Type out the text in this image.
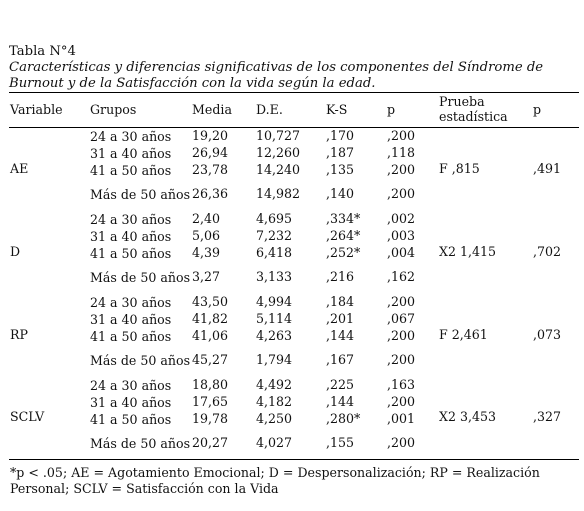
Tabla N°4
Características y diferencias significativas de los componentes del Síndrome de Burnout y de la Satisfacción con la vida según la edad.

Variable	Grupos	Media	D.E.	K-S	p	Prueba estadística	p
AE	24 a 30 años	19,20	10,727	,170	,200	F ,815	,491
	31 a 40 años	26,94	12,260	,187	,118		
	41 a 50 años	23,78	14,240	,135	,200		
	Más de 50 años	26,36	14,982	,140	,200		
D	24 a 30 años	2,40	4,695	,334*	,002	X2 1,415	,702
	31 a 40 años	5,06	7,232	,264*	,003		
	41 a 50 años	4,39	6,418	,252*	,004		
	Más de 50 años	3,27	3,133	,216	,162		
RP	24 a 30 años	43,50	4,994	,184	,200	F 2,461	,073
	31 a 40 años	41,82	5,114	,201	,067		
	41 a 50 años	41,06	4,263	,144	,200		
	Más de 50 años	45,27	1,794	,167	,200		
SCLV	24 a 30 años	18,80	4,492	,225	,163	X2 3,453	,327
	31 a 40 años	17,65	4,182	,144	,200		
	41 a 50 años	19,78	4,250	,280*	,001		
	Más de 50 años	20,27	4,027	,155	,200		
*p < .05; AE = Agotamiento Emocional; D = Despersonalización; RP = Realización Personal; SCLV = Satisfacción con la Vida							
